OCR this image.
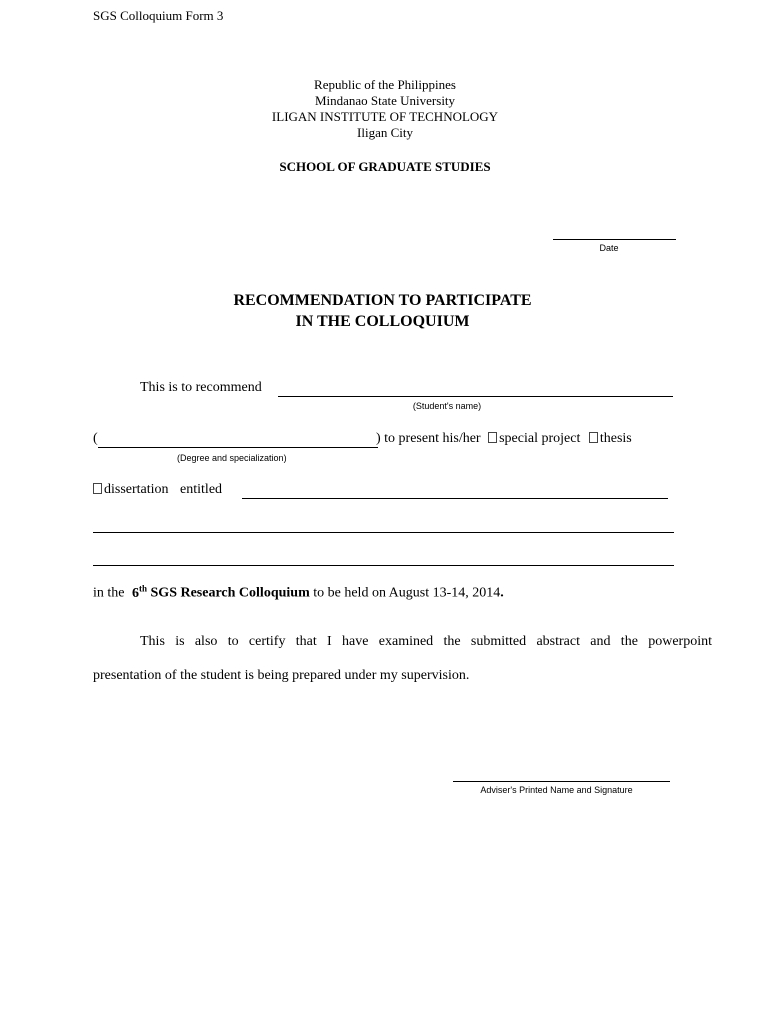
SGS Colloquium Form 3
Republic of the Philippines
Mindanao State University
ILIGAN INSTITUTE OF TECHNOLOGY
Iligan City
SCHOOL OF GRADUATE STUDIES
Date
RECOMMENDATION TO PARTICIPATE
IN THE COLLOQUIUM
This is to recommend
(Student's name)
(	) to present his/her special project thesis
(Degree and specialization)
dissertation entitled
in the 6th SGS Research Colloquium to be held on August 13-14, 2014.
This is also to certify that I have examined the submitted abstract and the powerpoint
presentation of the student is being prepared under my supervision.
Adviser's Printed Name and Signature
